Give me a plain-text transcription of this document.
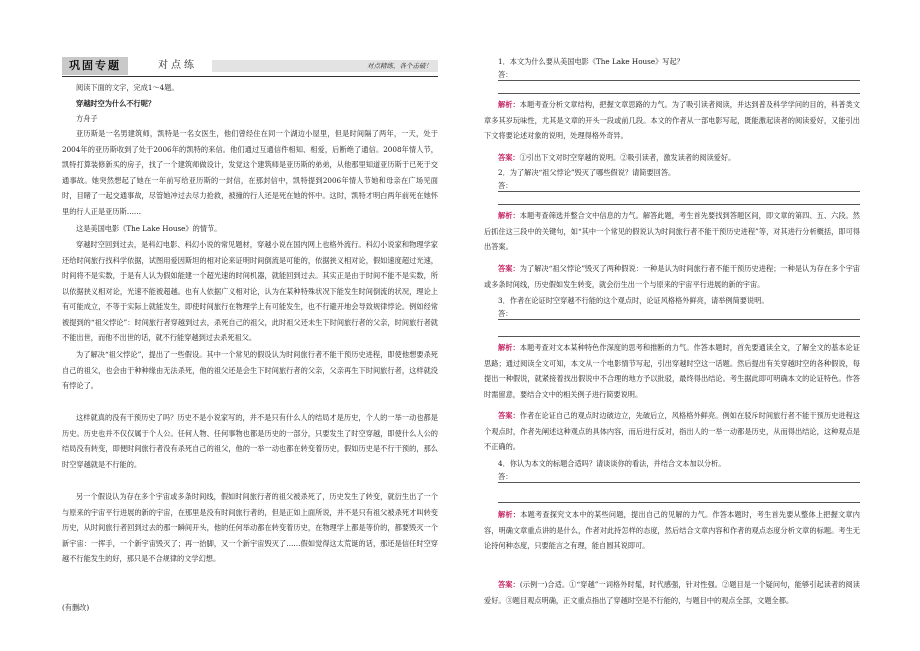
巩固专题	对点练	对点精练，各个击破！

阅读下面的文字，完成1～4题。

穿越时空为什么不行呢？

方舟子

亚历斯是一名男建筑师，凯特是一名女医生，他们曾经住在同一个湖边小屋里，但是时间隔了两年，一天，处于2004年的亚历斯收到了处于2006年的凯特的来信。他们通过互通信件相知、相爱，后断绝了通信。2008年情人节，凯特打算装修新买的房子，找了一个建筑师做设计，发觉这个建筑师是亚历斯的弟弟，从他那里知道亚历斯于已死于交通事故。她突然想起了她在一年前写给亚历斯的一封信，在那封信中，凯特提到2006年情人节她和母亲在广场见面时，目睹了一起交通事故，尽管她冲过去尽力抢救，被撞的行人还是死在她的怀中。这时，凯特才明白两年前死在她怀里的行人正是亚历斯……

这是美国电影《The Lake House》的情节。

穿越时空回到过去，是科幻电影、科幻小说的常见题材，穿越小说在国内网上也格外流行。科幻小说家和物理学家还给时间旅行找科学依据，试图用爱因斯坦的相对论来证明时间倒流是可能的，依据狭义相对论，假如速度超过光速，时间将不是实数，于是有人认为假如能建一个超光速的时间机器，就能回到过去。其实正是由于时间不能不是实数，所以依据狭义相对论，光速不能被超越。也有人依据广义相对论，认为在某种特殊状况下能发生时间倒流的状况，理论上有可能成立，不等于实际上就能发生，即使时间旅行在物理学上有可能发生，也不行避开地会导致规律悖论。例如经常被提到的“祖父悖论”：时间旅行者穿越到过去，杀死自己的祖父，此时祖父还未生下时间旅行者的父亲，时间旅行者就不能出世，而他不出世的话，就不行能穿越到过去杀死祖父。

为了解决“祖父悖论”，提出了一些假设。其中一个常见的假设认为时间旅行者不能干预历史进程，即使他想要杀死自己的祖父，也会由于种种缘由无法杀死，他的祖父还是会生下时间旅行者的父亲，父亲再生下时间旅行者，这样就没有悖论了。

这样就真的没有干预历史了吗？历史不是小说家写的，并不是只有什么人的结局才是历史，个人的一举一动也都是历史。历史也并不仅仅属于个人公。任何人物、任何事物也都是历史的一部分，只要发生了时空穿越，即使什么人公的结局没有转变，即便时间旅行者没有杀死自己的祖父，他的一举一动也都在转变着历史，假如历史是不行干预的，那么时空穿越就是不行能的。

另一个假设认为存在多个宇宙或多条时间线，假如时间旅行者的祖父被杀死了，历史发生了转变，就衍生出了一个与原来的宇宙平行进展的新的宇宙，在那里是没有时间旅行者的，但是正如上面所说，并不是只有祖父被杀死才叫转变历史，从时间旅行者回到过去的那一瞬间开头，他的任何举动都在转变着历史，在物理学上都是等价的，都要毁灭一个新宇宙：一挥手，一个新宇宙毁灭了；再一抬脚，又一个新宇宙毁灭了……假如觉得这太荒诞的话，那还是信任时空穿越不行能发生的好，那只是不合规律的文学幻想。

(有删改)

1．本文为什么要从美国电影《The Lake House》写起？

答：

解析：本题考查分析文章结构，把握文章思路的力气。为了吸引读者阅读，并达到普及科学学问的目的，科普类文章多其岁玩味性，尤其是文章的开头一段或前几段。本文的作者从一部电影写起，既能激起读者的阅读爱好，又能引出下文将要论述对象的说明，处理得格外奇异。

答案：①引出下文对时空穿越的说明。②吸引读者，激发读者的阅读爱好。

2．为了解决“祖父悖论”毁灭了哪些假说？请简要回答。

答：

解析：本题考查筛选并整合文中信息的力气。解答此题，考生首先要找到答题区间，即文章的第四、五、六段。然后抓住这三段中的关键句，如“其中一个常见的假说认为时间旅行者不能干预历史进程”等，对其进行分析概括，即可得出答案。

答案：为了解决“祖父悖论”毁灭了两种假说：一种是认为时间旅行者不能干预历史进程；一种是认为存在多个宇宙或多条时间线，历史假如发生转变，就会衍生出一个与原来的宇宙平行进展的新的宇宙。

3．作者在论证时空穿越不行能的这个观点时，论证风格格外鲜亮，请举例简要说明。

答：

解析：本题考查对文本某种特色作深度的思考和推断的力气。作答本题时，首先要通读全文，了解全文的基本论证思路；通过阅读全文可知，本文从一个电影情节写起，引出穿越时空这一话题。然后提出有关穿越时空的各种假说，每提出一种假说，就紧接着找出假说中不合理的地方予以批驳，最终得出结论。考生据此即可明确本文的论证特色。作答时需留意，要结合文中的相关例子进行简要说明。

答案：作者在论证自己的观点时边破边立，先破后立，风格格外鲜亮。例如在驳斥时间旅行者不能干预历史进程这个观点时，作者先阐述这种观点的具体内容，而后进行反对，指出人的一举一动都是历史，从而得出结论，这种观点是不正确的。

4．你认为本文的标题合适吗？请谈谈你的看法，并结合文本加以分析。

答：

解析：本题考查探究文本中的某些问题，提出自己的见解的力气。作答本题时，考生首先要从整体上把握文章内容，明确文章重点讲的是什么，作者对此持怎样的态度，然后结合文章内容和作者的观点态度分析文章的标题。考生无论持何种态度，只要能言之有理，能自圆其说即可。

答案：(示例一)合适。①“穿越”一词格外时髦，时代感强，针对性强。②题目是一个疑问句，能够引起读者的阅读爱好。③题目观点明确，正文重点指出了穿越时空是不行能的，与题目中的观点全部，文题全都。
